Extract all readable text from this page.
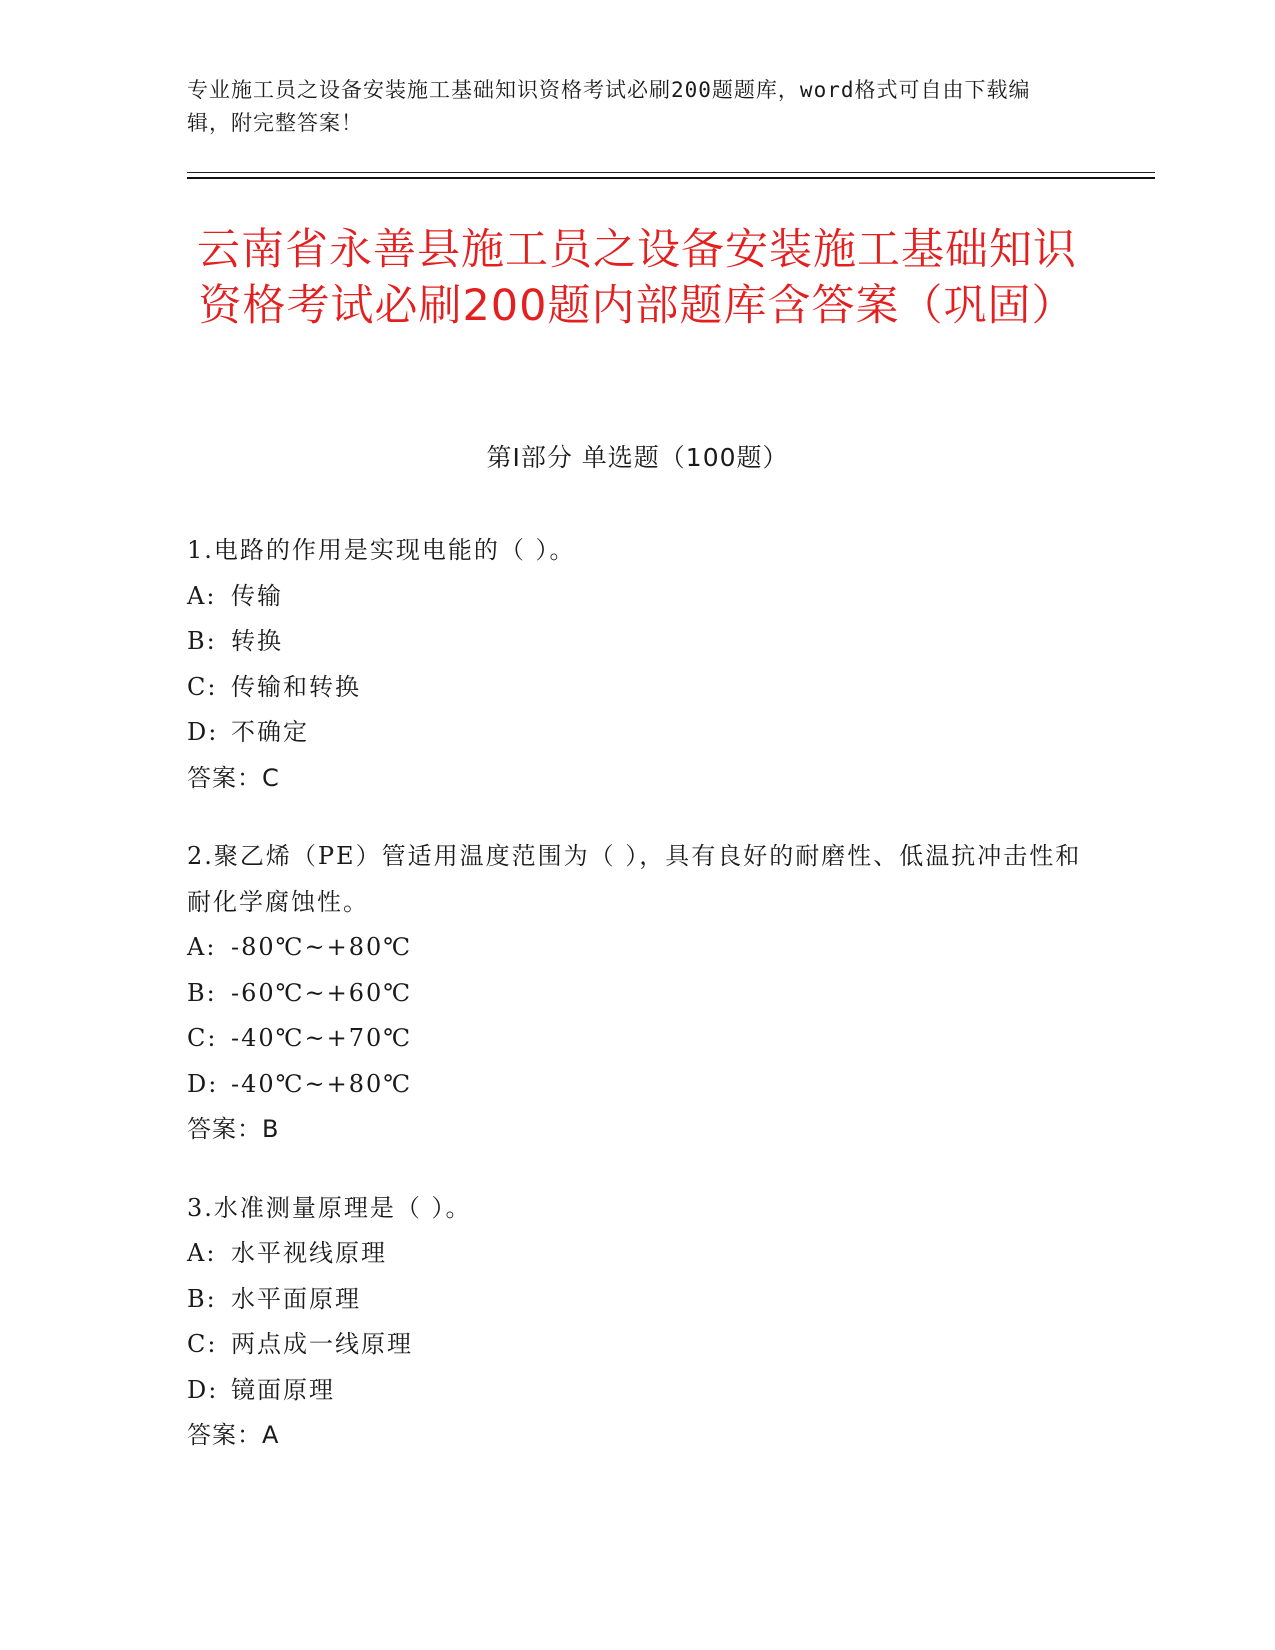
专业施工员之设备安装施工基础知识资格考试必刷200题题库，word格式可自由下载编辑，附完整答案！
云南省永善县施工员之设备安装施工基础知识资格考试必刷200题内部题库含答案（巩固）
第I部分 单选题（100题）
1.电路的作用是实现电能的（ ）。
A: 传输
B: 转换
C: 传输和转换
D: 不确定
答案：C
2.聚乙烯（PE）管适用温度范围为（ ），具有良好的耐磨性、低温抗冲击性和耐化学腐蚀性。
A: -80℃~+80℃
B: -60℃~+60℃
C: -40℃~+70℃
D: -40℃~+80℃
答案：B
3.水准测量原理是（ ）。
A: 水平视线原理
B: 水平面原理
C: 两点成一线原理
D: 镜面原理
答案：A
